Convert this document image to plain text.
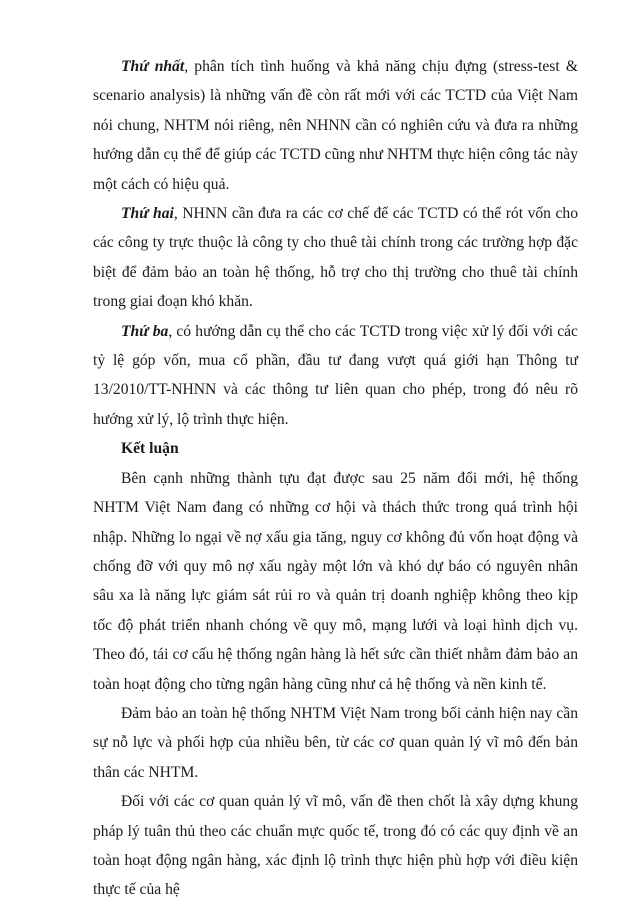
Thứ nhất, phân tích tình huống và khả năng chịu đựng (stress-test & scenario analysis) là những vấn đề còn rất mới với các TCTD của Việt Nam nói chung, NHTM nói riêng, nên NHNN cần có nghiên cứu và đưa ra những hướng dẫn cụ thể để giúp các TCTD cũng như NHTM thực hiện công tác này một cách có hiệu quả.

Thứ hai, NHNN cần đưa ra các cơ chế để các TCTD có thể rót vốn cho các công ty trực thuộc là công ty cho thuê tài chính trong các trường hợp đặc biệt để đảm bảo an toàn hệ thống, hỗ trợ cho thị trường cho thuê tài chính trong giai đoạn khó khăn.

Thứ ba, có hướng dẫn cụ thể cho các TCTD trong việc xử lý đối với các tỷ lệ góp vốn, mua cổ phần, đầu tư đang vượt quá giới hạn Thông tư 13/2010/TT-NHNN và các thông tư liên quan cho phép, trong đó nêu rõ hướng xử lý, lộ trình thực hiện.

Kết luận

Bên cạnh những thành tựu đạt được sau 25 năm đổi mới, hệ thống NHTM Việt Nam đang có những cơ hội và thách thức trong quá trình hội nhập. Những lo ngại về nợ xấu gia tăng, nguy cơ không đủ vốn hoạt động và chống đỡ với quy mô nợ xấu ngày một lớn và khó dự báo có nguyên nhân sâu xa là năng lực giám sát rủi ro và quản trị doanh nghiệp không theo kịp tốc độ phát triển nhanh chóng về quy mô, mạng lưới và loại hình dịch vụ. Theo đó, tái cơ cấu hệ thống ngân hàng là hết sức cần thiết nhằm đảm bảo an toàn hoạt động cho từng ngân hàng cũng như cả hệ thống và nền kinh tế.

Đảm bảo an toàn hệ thống NHTM Việt Nam trong bối cảnh hiện nay cần sự nỗ lực và phối hợp của nhiều bên, từ các cơ quan quản lý vĩ mô đến bản thân các NHTM.

Đối với các cơ quan quản lý vĩ mô, vấn đề then chốt là xây dựng khung pháp lý tuân thủ theo các chuẩn mực quốc tế, trong đó có các quy định về an toàn hoạt động ngân hàng, xác định lộ trình thực hiện phù hợp với điều kiện thực tế của hệ
